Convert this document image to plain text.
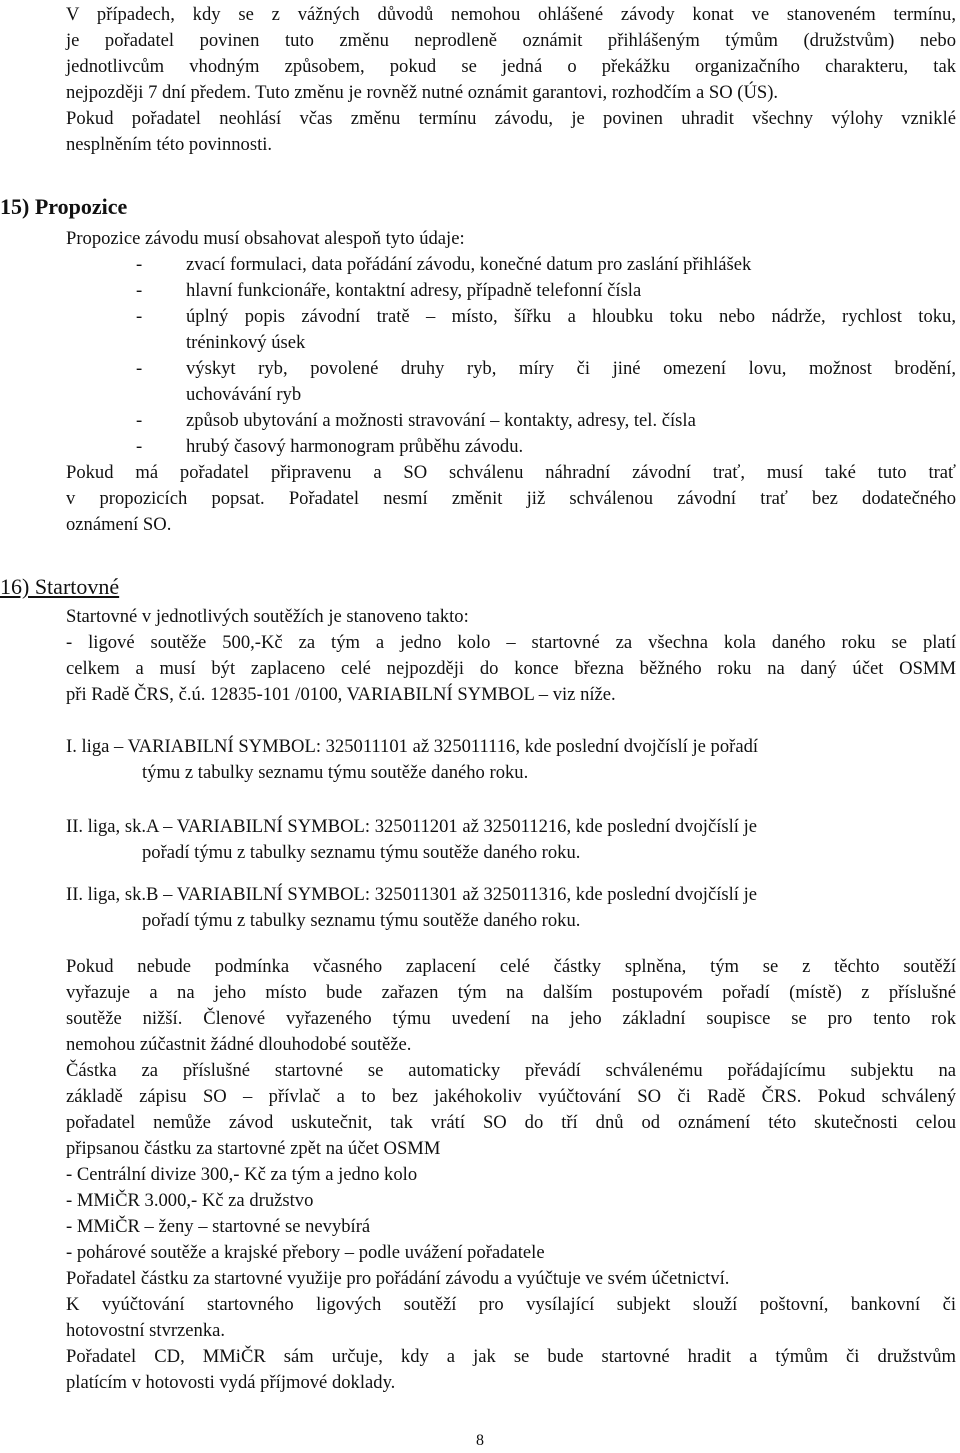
V případech, kdy se z vážných důvodů nemohou ohlášené závody konat ve stanoveném termínu,
je pořadatel povinen tuto změnu neprodleně oznámit přihlášeným týmům (družstvům) nebo
jednotlivcům vhodným způsobem, pokud se jedná o překážku organizačního charakteru, tak
nejpozději 7 dní předem. Tuto změnu je rovněž nutné oznámit garantovi, rozhodčím a SO (ÚS).
Pokud pořadatel neohlásí včas změnu termínu závodu, je povinen uhradit všechny výlohy vzniklé
nesplněním této povinnosti.
15) Propozice
Propozice závodu musí obsahovat alespoň tyto údaje:
- zvací formulaci, data pořádání závodu, konečné datum pro zaslání přihlášek
- hlavní funkcionáře, kontaktní adresy, případně telefonní čísla
- úplný popis závodní tratě – místo, šířku a hloubku toku nebo nádrže, rychlost toku,
tréninkový úsek
- výskyt ryb, povolené druhy ryb, míry či jiné omezení lovu, možnost brodění,
uchovávání ryb
- způsob ubytování a možnosti stravování – kontakty, adresy, tel. čísla
- hrubý časový harmonogram průběhu závodu.
Pokud má pořadatel připravenu a SO schválenu náhradní závodní trať, musí také tuto trať
v propozicích popsat. Pořadatel nesmí změnit již schválenou závodní trať bez dodatečného
oznámení SO.
16) Startovné
Startovné v jednotlivých soutěžích je stanoveno takto:
- ligové soutěže 500,-Kč za tým a jedno kolo – startovné za všechna kola daného roku se platí
celkem a musí být zaplaceno celé nejpozději do konce března běžného roku na daný účet OSMM
při Radě ČRS, č.ú. 12835-101 /0100, VARIABILNÍ SYMBOL – viz níže.
I. liga – VARIABILNÍ SYMBOL: 325011101 až 325011116, kde poslední dvojčíslí je pořadí
týmu z tabulky seznamu týmu soutěže daného roku.
II. liga, sk.A – VARIABILNÍ SYMBOL: 325011201 až 325011216, kde poslední dvojčíslí je
pořadí týmu z tabulky seznamu týmu soutěže daného roku.
II. liga, sk.B – VARIABILNÍ SYMBOL: 325011301 až 325011316, kde poslední dvojčíslí je
pořadí týmu z tabulky seznamu týmu soutěže daného roku.
Pokud nebude podmínka včasného zaplacení celé částky splněna, tým se z těchto soutěží
vyřazuje a na jeho místo bude zařazen tým na dalším postupovém pořadí (místě) z příslušné
soutěže nižší. Členové vyřazeného týmu uvedení na jeho základní soupisce se pro tento rok
nemohou zúčastnit žádné dlouhodobé soutěže.
Částka za příslušné startovné se automaticky převádí schválenému pořádajícímu subjektu na
základě zápisu SO – přívlač a to bez jakéhokoliv vyúčtování SO či Radě ČRS. Pokud schválený
pořadatel nemůže závod uskutečnit, tak vrátí SO do tří dnů od oznámení této skutečnosti celou
připsanou částku za startovné zpět na účet OSMM
- Centrální divize 300,- Kč za tým a jedno kolo
- MMiČR 3.000,- Kč za družstvo
- MMiČR – ženy – startovné se nevybírá
- pohárové soutěže a krajské přebory – podle uvážení pořadatele
Pořadatel částku za startovné využije pro pořádání závodu a vyúčtuje ve svém účetnictví.
K vyúčtování startovného ligových soutěží pro vysílající subjekt slouží poštovní, bankovní či
hotovostní stvrzenka.
Pořadatel CD, MMiČR sám určuje, kdy a jak se bude startovné hradit a týmům či družstvům
platícím v hotovosti vydá příjmové doklady.
8
